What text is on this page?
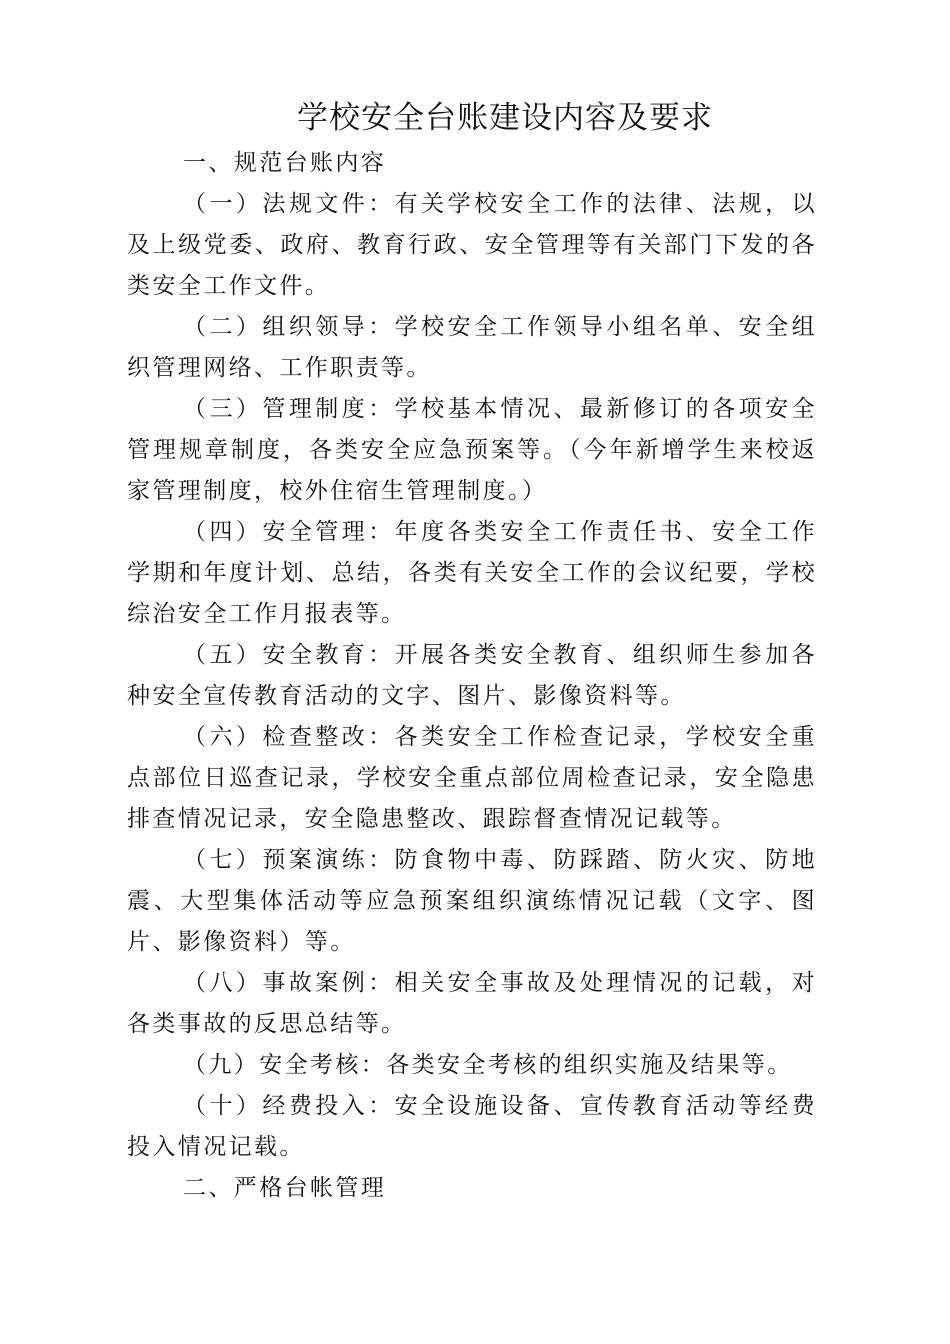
学校安全台账建设内容及要求

一、规范台账内容

（一）法规文件：有关学校安全工作的法律、法规，以及上级党委、政府、教育行政、安全管理等有关部门下发的各类安全工作文件。

（二）组织领导：学校安全工作领导小组名单、安全组织管理网络、工作职责等。

（三）管理制度：学校基本情况、最新修订的各项安全管理规章制度，各类安全应急预案等。（今年新增学生来校返家管理制度，校外住宿生管理制度。）

（四）安全管理：年度各类安全工作责任书、安全工作学期和年度计划、总结，各类有关安全工作的会议纪要，学校综治安全工作月报表等。

（五）安全教育：开展各类安全教育、组织师生参加各种安全宣传教育活动的文字、图片、影像资料等。

（六）检查整改：各类安全工作检查记录，学校安全重点部位日巡查记录，学校安全重点部位周检查记录，安全隐患排查情况记录，安全隐患整改、跟踪督查情况记载等。

（七）预案演练：防食物中毒、防踩踏、防火灾、防地震、大型集体活动等应急预案组织演练情况记载（文字、图片、影像资料）等。

（八）事故案例：相关安全事故及处理情况的记载，对各类事故的反思总结等。

（九）安全考核：各类安全考核的组织实施及结果等。

（十）经费投入：安全设施设备、宣传教育活动等经费投入情况记载。

二、严格台帐管理
